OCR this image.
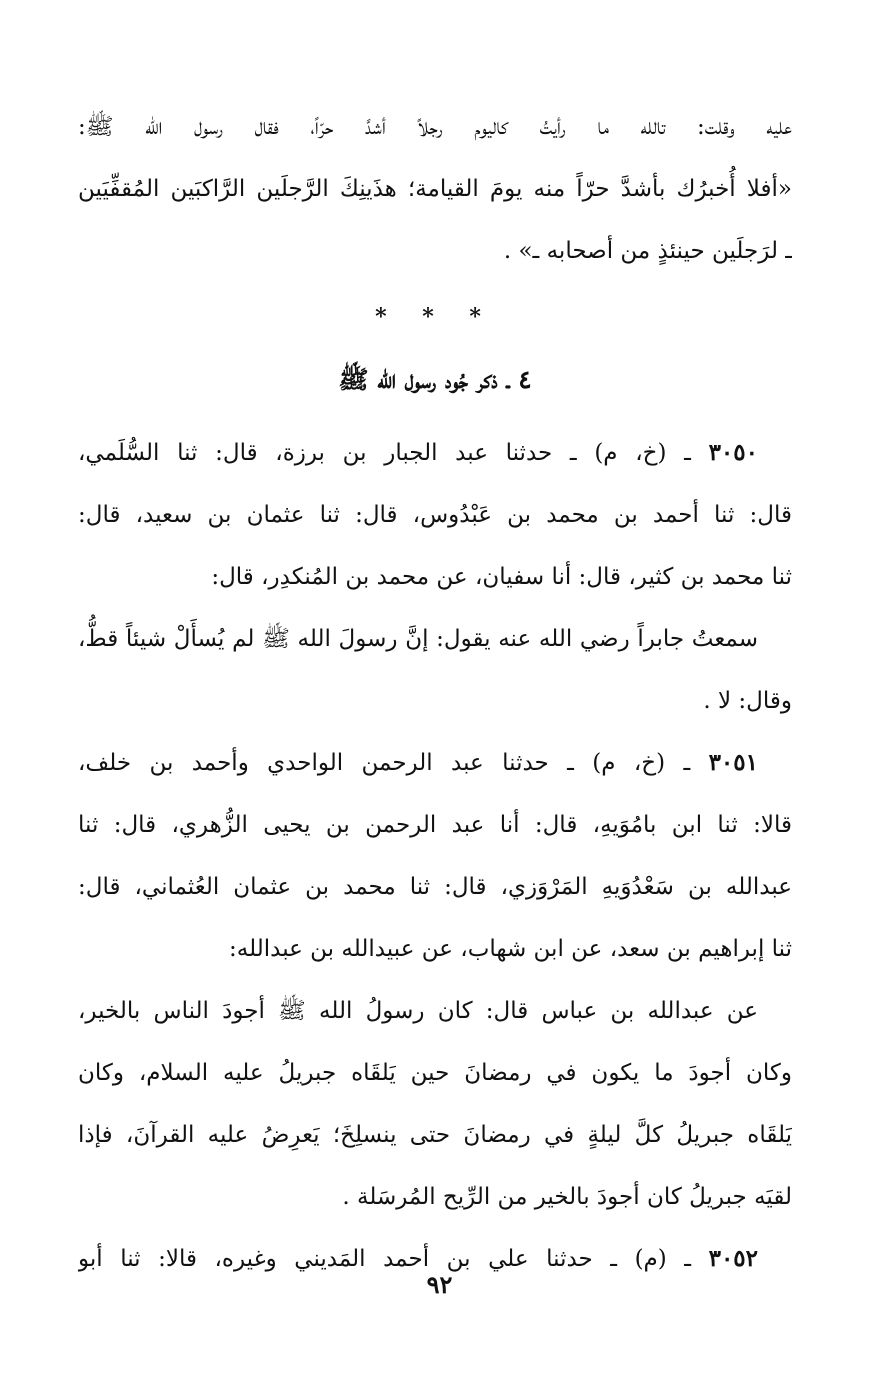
عليه وقلت: تالله ما رأيتُ كاليوم رجلاً أشدَّ حرّاً، فقال رسول الله ﷺ:
«أفلا أُخبرُك بأشدَّ حرّاً منه يومَ القيامة؛ هذَينِكَ الرَّجلَين الرَّاكبَين المُقفِّيَين
ـ لرَجلَين حينئذٍ من أصحابه ـ» .
* * *
٤ ـ ذكر جُود رسول الله ﷺ
٣٠٥٠ ـ (خ، م) ـ حدثنا عبد الجبار بن برزة، قال: ثنا السُّلَمي،
قال: ثنا أحمد بن محمد بن عَبْدُوس، قال: ثنا عثمان بن سعيد، قال:
ثنا محمد بن كثير، قال: أنا سفيان، عن محمد بن المُنكدِر، قال:
سمعتُ جابراً رضي الله عنه يقول: إنَّ رسولَ الله ﷺ لم يُسأَلْ شيئاً قطُّ،
وقال: لا .
٣٠٥١ ـ (خ، م) ـ حدثنا عبد الرحمن الواحدي وأحمد بن خلف،
قالا: ثنا ابن بامُوَيهِ، قال: أنا عبد الرحمن بن يحيى الزُّهري، قال: ثنا
عبدالله بن سَعْدُوَيهِ المَرْوَزي، قال: ثنا محمد بن عثمان العُثماني، قال:
ثنا إبراهيم بن سعد، عن ابن شهاب، عن عبيدالله بن عبدالله:
عن عبدالله بن عباس قال: كان رسولُ الله ﷺ أجودَ الناس بالخير،
وكان أجودَ ما يكون في رمضانَ حين يَلقَاه جبريلُ عليه السلام، وكان
يَلقَاه جبريلُ كلَّ ليلةٍ في رمضانَ حتى ينسلِخَ؛ يَعرِضُ عليه القرآنَ، فإذا
لقيَه جبريلُ كان أجودَ بالخير من الرِّيح المُرسَلة .
٣٠٥٢ ـ (م) ـ حدثنا علي بن أحمد المَديني وغيره، قالا: ثنا أبو
٩٢
